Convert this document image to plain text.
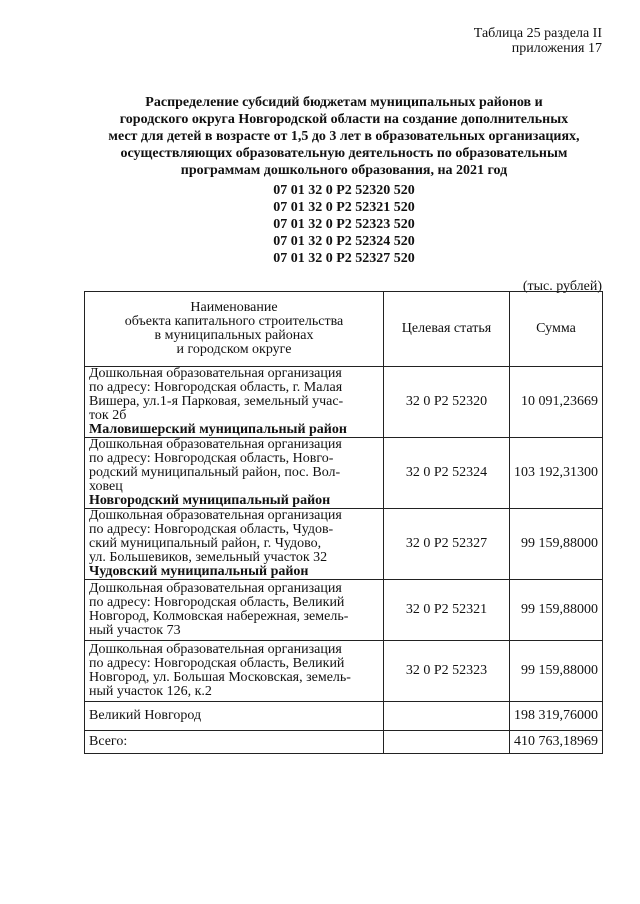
Таблица 25 раздела II
приложения 17
Распределение субсидий бюджетам муниципальных районов и
городского округа Новгородской области на создание дополнительных
мест для детей в возрасте от 1,5 до 3 лет в образовательных организациях,
осуществляющих образовательную деятельность по образовательным
программам дошкольного образования, на 2021 год
07 01 32 0 Р2 52320 520
07 01 32 0 Р2 52321 520
07 01 32 0 Р2 52323 520
07 01 32 0 Р2 52324 520
07 01 32 0 Р2 52327 520
(тыс. рублей)
Наименование
объекта капитального строительства
в муниципальных районах
и городском округе	Целевая статья	Сумма

Дошкольная образовательная организация
по адресу: Новгородская область, г. Малая
Вишера, ул.1-я Парковая, земельный учас-
ток 2б
Маловишерский муниципальный район	32 0 Р2 52320	10 091,23669

Дошкольная образовательная организация
по адресу: Новгородская область, Новго-
родский муниципальный район, пос. Вол-
ховец
Новгородский муниципальный район	32 0 Р2 52324	103 192,31300

Дошкольная образовательная организация
по адресу: Новгородская область, Чудов-
ский муниципальный район, г. Чудово,
ул. Большевиков, земельный участок 32
Чудовский муниципальный район	32 0 Р2 52327	99 159,88000

Дошкольная образовательная организация
по адресу: Новгородская область, Великий
Новгород, Колмовская набережная, земель-
ный участок 73	32 0 Р2 52321	99 159,88000

Дошкольная образовательная организация
по адресу: Новгородская область, Великий
Новгород, ул. Большая Московская, земель-
ный участок 126, к.2	32 0 Р2 52323	99 159,88000
Великий Новгород		198 319,76000
Всего:		410 763,18969
